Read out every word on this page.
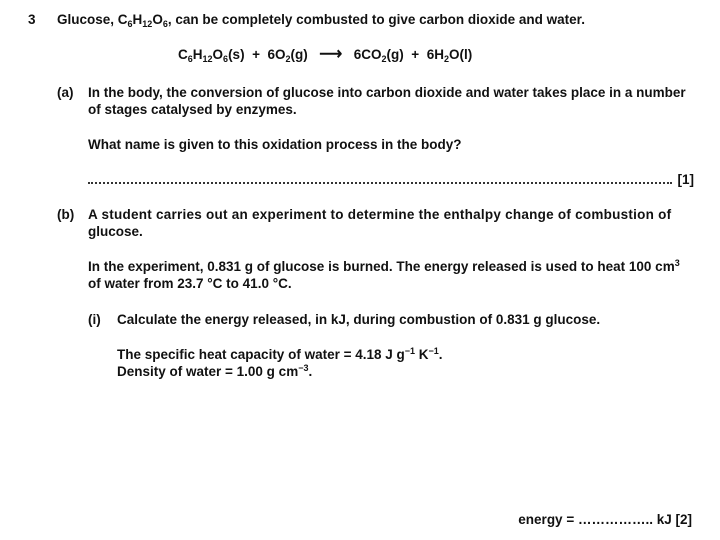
3 Glucose, $C_6H_{12}O_6$, can be completely combusted to give carbon dioxide and water.
$C_6H_{12}O_6(s) + 6O_2(g)$ ⟶ $6CO_2(g) + 6H_2O(l)$
(a) In the body, the conversion of glucose into carbon dioxide and water takes place in a number
of stages catalysed by enzymes.
What name is given to this oxidation process in the body?
[1]
(b) A student carries out an experiment to determine the enthalpy change of combustion of
glucose.
In the experiment, 0.831 g of glucose is burned. The energy released is used to heat 100 $cm^3$
of water from 23.7 °C to 41.0 °C.
(i) Calculate the energy released, in kJ, during combustion of 0.831 g glucose.
The specific heat capacity of water = 4.18 J $g^{-1}$ $K^{-1}$.
Density of water = 1.00 g $cm^{-3}$.
energy = …………….. kJ [2]
